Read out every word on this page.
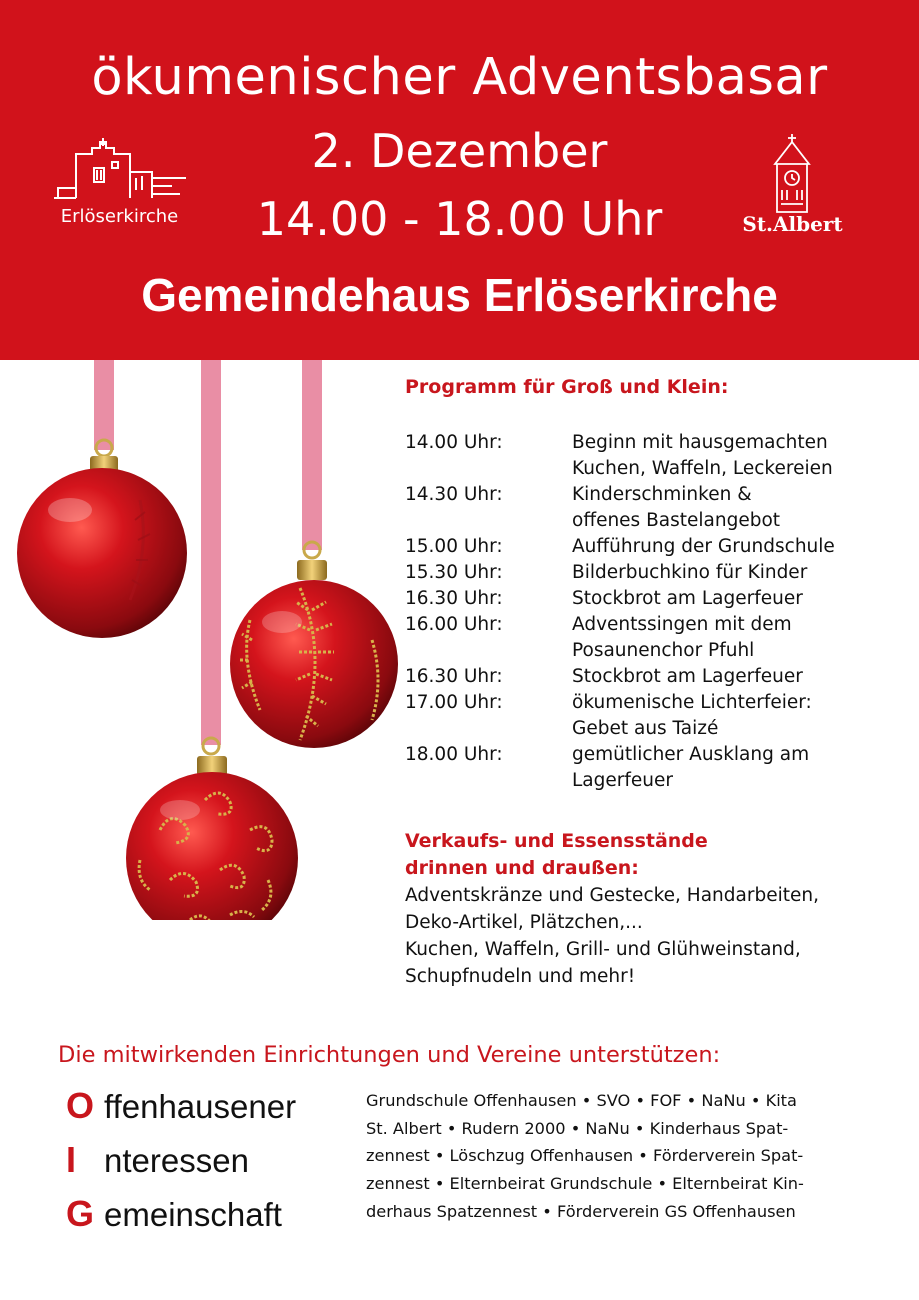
ökumenischer Adventsbasar
2. Dezember
14.00 - 18.00 Uhr
Gemeindehaus Erlöserkirche
Erlöserkirche	St.Albert
Programm für Groß und Klein:
14.00 Uhr:	Beginn mit hausgemachten
Kuchen, Waffeln, Leckereien
14.30 Uhr:	Kinderschminken &
offenes Bastelangebot
15.00 Uhr:	Aufführung der Grundschule
15.30 Uhr:	Bilderbuchkino für Kinder
16.30 Uhr:	Stockbrot am Lagerfeuer
16.00 Uhr:	Adventssingen mit dem
Posaunenchor Pfuhl
16.30 Uhr:	Stockbrot am Lagerfeuer
17.00 Uhr:	ökumenische Lichterfeier:
Gebet aus Taizé
18.00 Uhr:	gemütlicher Ausklang am
Lagerfeuer
Verkaufs- und Essensstände
drinnen und draußen:
Adventskränze und Gestecke, Handarbeiten,
Deko-Artikel, Plätzchen,...
Kuchen, Waffeln, Grill- und Glühweinstand,
Schupfnudeln und mehr!
Die mitwirkenden Einrichtungen und Vereine unterstützen:
O ffenhausener
I nteressen
G emeinschaft
Grundschule Offenhausen • SVO • FOF • NaNu • Kita
St. Albert • Rudern 2000 • NaNu • Kinderhaus Spat-
zennest • Löschzug Offenhausen • Förderverein Spat-
zennest • Elternbeirat Grundschule • Elternbeirat Kin-
derhaus Spatzennest • Förderverein GS Offenhausen
